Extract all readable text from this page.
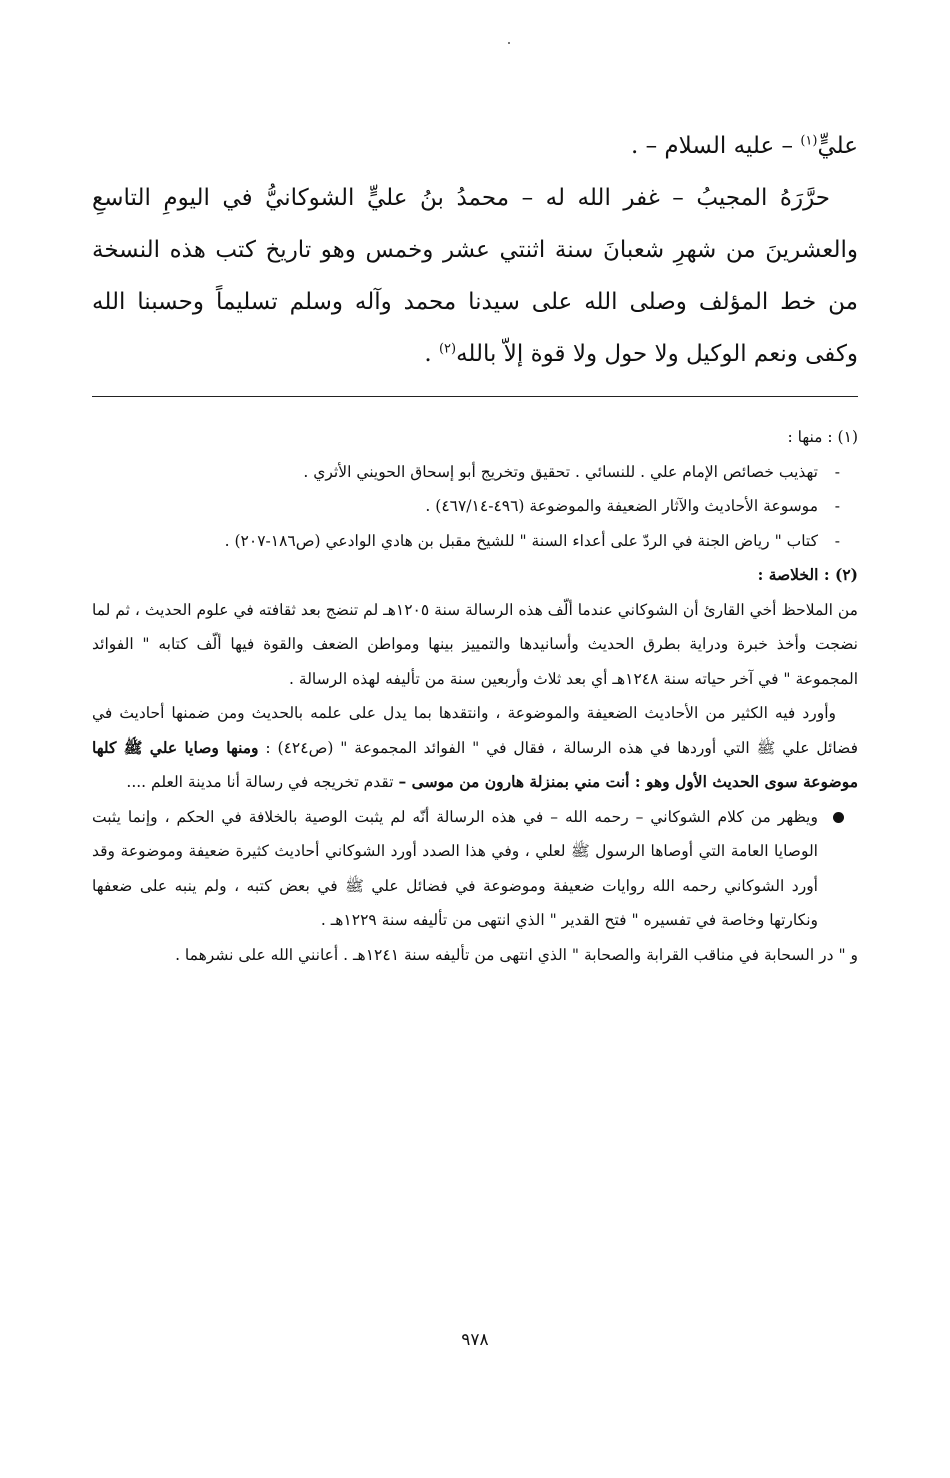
عليٍّ$^{(١)}$ – عليه السلام – .

حرَّرَهُ المجيبُ – غفر الله له – محمدُ بنُ عليٍّ الشوكانيُّ في اليومِ التاسعِ والعشرينَ من شهرِ شعبانَ سنة اثنتي عشر وخمس وهو تاريخ كتب هذه النسخة من خط المؤلف وصلى الله على سيدنا محمد وآله وسلم تسليماً وحسبنا الله وكفى ونعم الوكيل ولا حول ولا قوة إلاّ بالله$^{(٢)}$ .

(١) : منها :

-
تهذيب خصائص الإمام علي . للنسائي . تحقيق وتخريج أبو إسحاق الحويني الأثري .

-
موسوعة الأحاديث والآثار الضعيفة والموضوعة (٤٩٦-٤٦٧/١٤) .

-
كتاب " رياض الجنة في الردّ على أعداء السنة " للشيخ مقبل بن هادي الوادعي (ص١٨٦-٢٠٧) .

(٢) : الخلاصة :

من الملاحظ أخي القارئ أن الشوكاني عندما ألّف هذه الرسالة سنة ١٢٠٥هـ لم تنضج بعد ثقافته في علوم الحديث ، ثم لما نضجت وأخذ خبرة ودراية بطرق الحديث وأسانيدها والتمييز بينها ومواطن الضعف والقوة فيها ألّف كتابه " الفوائد المجموعة " في آخر حياته سنة ١٢٤٨هـ أي بعد ثلاث وأربعين سنة من تأليفه لهذه الرسالة .

وأورد فيه الكثير من الأحاديث الضعيفة والموضوعة ، وانتقدها بما يدل على علمه بالحديث ومن ضمنها أحاديث في فضائل علي ﷺ التي أوردها في هذه الرسالة ، فقال في " الفوائد المجموعة " (ص٤٢٤) : ومنها وصايا علي ﷺ كلها موضوعة سوى الحديث الأول وهو : أنت مني بمنزلة هارون من موسى – تقدم تخريجه في رسالة أنا مدينة العلم ....

ويظهر من كلام الشوكاني – رحمه الله – في هذه الرسالة أنّه لم يثبت الوصية بالخلافة في الحكم ، وإنما يثبت الوصايا العامة التي أوصاها الرسول ﷺ لعلي ، وفي هذا الصدد أورد الشوكاني أحاديث كثيرة ضعيفة وموضوعة وقد أورد الشوكاني رحمه الله روايات ضعيفة وموضوعة في فضائل علي ﷺ في بعض كتبه ، ولم ينبه على ضعفها ونكارتها وخاصة في تفسيره " فتح القدير " الذي انتهى من تأليفه سنة ١٢٢٩هـ .

و " در السحابة في مناقب القرابة والصحابة " الذي انتهى من تأليفه سنة ١٢٤١هـ . أعانني الله على نشرهما .

٩٧٨
